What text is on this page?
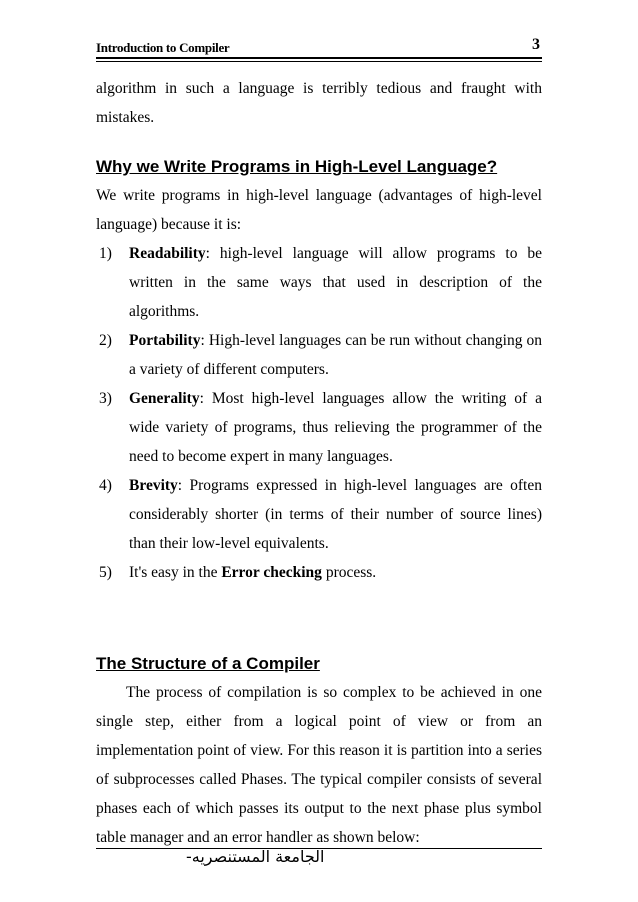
Introduction to Compiler	3

algorithm in such a language is terribly tedious and fraught with mistakes.

Why we Write Programs in High-Level Language?

We write programs in high-level language (advantages of high-level language) because it is:

1) Readability: high-level language will allow programs to be written in the same ways that used in description of the algorithms.
2) Portability: High-level languages can be run without changing on a variety of different computers.
3) Generality: Most high-level languages allow the writing of a wide variety of programs, thus relieving the programmer of the need to become expert in many languages.
4) Brevity: Programs expressed in high-level languages are often considerably shorter (in terms of their number of source lines) than their low-level equivalents.
5) It's easy in the Error checking process.
The Structure of a Compiler

The process of compilation is so complex to be achieved in one single step, either from a logical point of view or from an implementation point of view. For this reason it is partition into a series of subprocesses called Phases. The typical compiler consists of several phases each of which passes its output to the next phase plus symbol table manager and an error handler as shown below:

الجامعة المستنصريه-
